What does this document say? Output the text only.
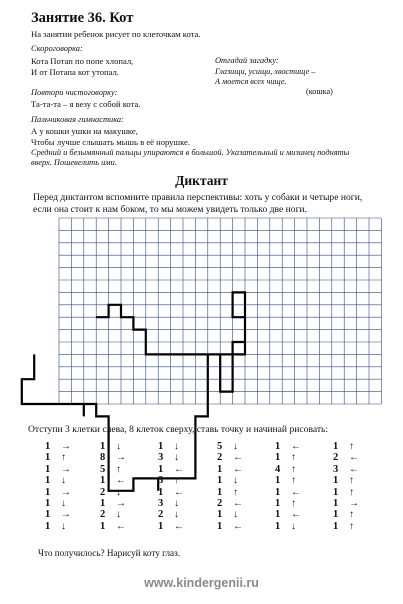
Занятие 36. Кот
На занятии ребенок рисует по клеточкам кота.
Скороговорка:
Кота Потап по попе хлопал,
И от Потапа кот утопал.
Отгадай загадку:
Глазищи, усищи, хвостище –
А моется всех чище.
(кошка)
Повтори чистоговорку:
Та-та-та – я везу с собой кота.
Пальчиковая гимнастика:
А у кошки ушки на макушке,
Чтобы лучше слышать мышь в её норушке.
Средний и безымянный пальцы упираются в большой. Указательный и мизинец подняты
вверх. Пошевелить ими.
Диктант
Перед диктантом вспомните правила перспективы: хоть у собаки и четыре ноги, если она стоит к нам боком, то мы можем увидеть только две ноги.
Отступи 3 клетки слева, 8 клеток сверху, ставь точку и начинай рисовать:
1 →
1 ↑
1 →
1 ↓
1 →
1 ↓
1 →
1 ↓
1 ↓
8 →
5 ↑
1 ←
2 ↓
1 →
2 ↓
1 ←
1 ↓
3 ↓
1 ←
3 ↑
1 ←
3 ↓
2 ↓
1 ←
5 ↓
2 ←
1 ←
1 ↓
1 ↑
2 ←
1 ↓
1 ←
1 ←
1 ↑
4 ↑
1 ↑
1 ←
1 ↑
1 ←
1 ↓
1 ↑
2 ←
3 ←
1 ↑
1 ↑
1 →
1 ↑
1 ↑
Что получилось? Нарисуй коту глаз.
www.kindergenii.ru
